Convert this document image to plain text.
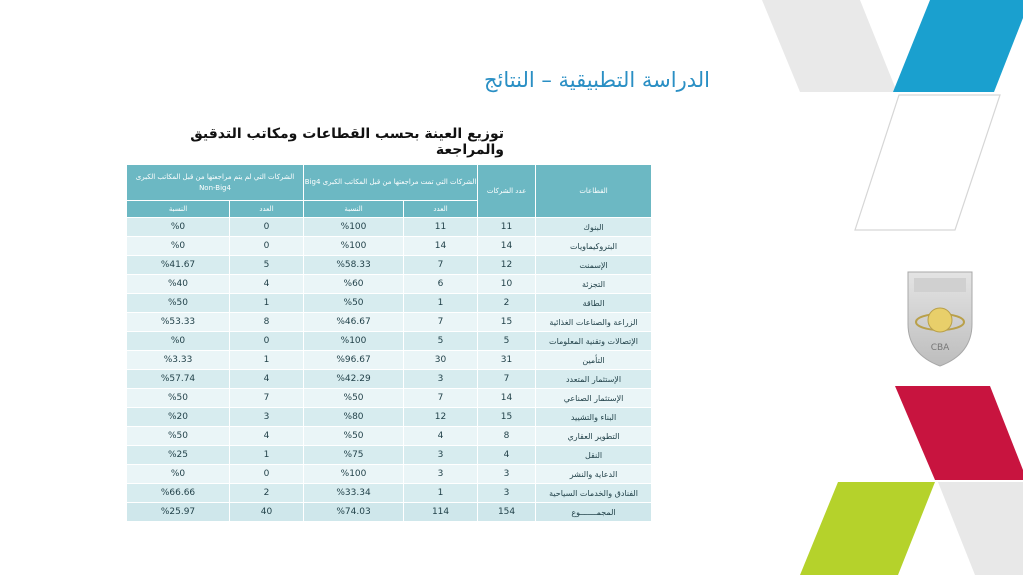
الدراسة التطبيقية – النتائج
توزيع العينة بحسب القطاعات ومكاتب التدقيق والمراجعة
القطاعات	عدد الشركات	الشركات التي تمت مراجعتها من قبل المكاتب الكبرى Big4		الشركات التي لم يتم مراجعتها من قبل المكاتب الكبرى Non-Big4	
		العدد	النسبة	العدد	النسبة
البنوك	11	11	%100	0	%0
البتروكيماويات	14	14	%100	0	%0
الإسمنت	12	7	%58.33	5	%41.67
التجزئة	10	6	%60	4	%40
الطاقة	2	1	%50	1	%50
الزراعة والصناعات الغذائية	15	7	%46.67	8	%53.33
الإتصالات وتقنية المعلومات	5	5	%100	0	%0
التأمين	31	30	%96.67	1	%3.33
الإستثمار المتعدد	7	3	%42.29	4	%57.74
الإستثمار الصناعي	14	7	%50	7	%50
البناء والتشييد	15	12	%80	3	%20
التطوير العقاري	8	4	%50	4	%50
النقل	4	3	%75	1	%25
الدعاية والنشر	3	3	%100	0	%0
الفنادق والخدمات السياحية	3	1	%33.34	2	%66.66
المجمـــــــوع	154	114	%74.03	40	%25.97
CBA
